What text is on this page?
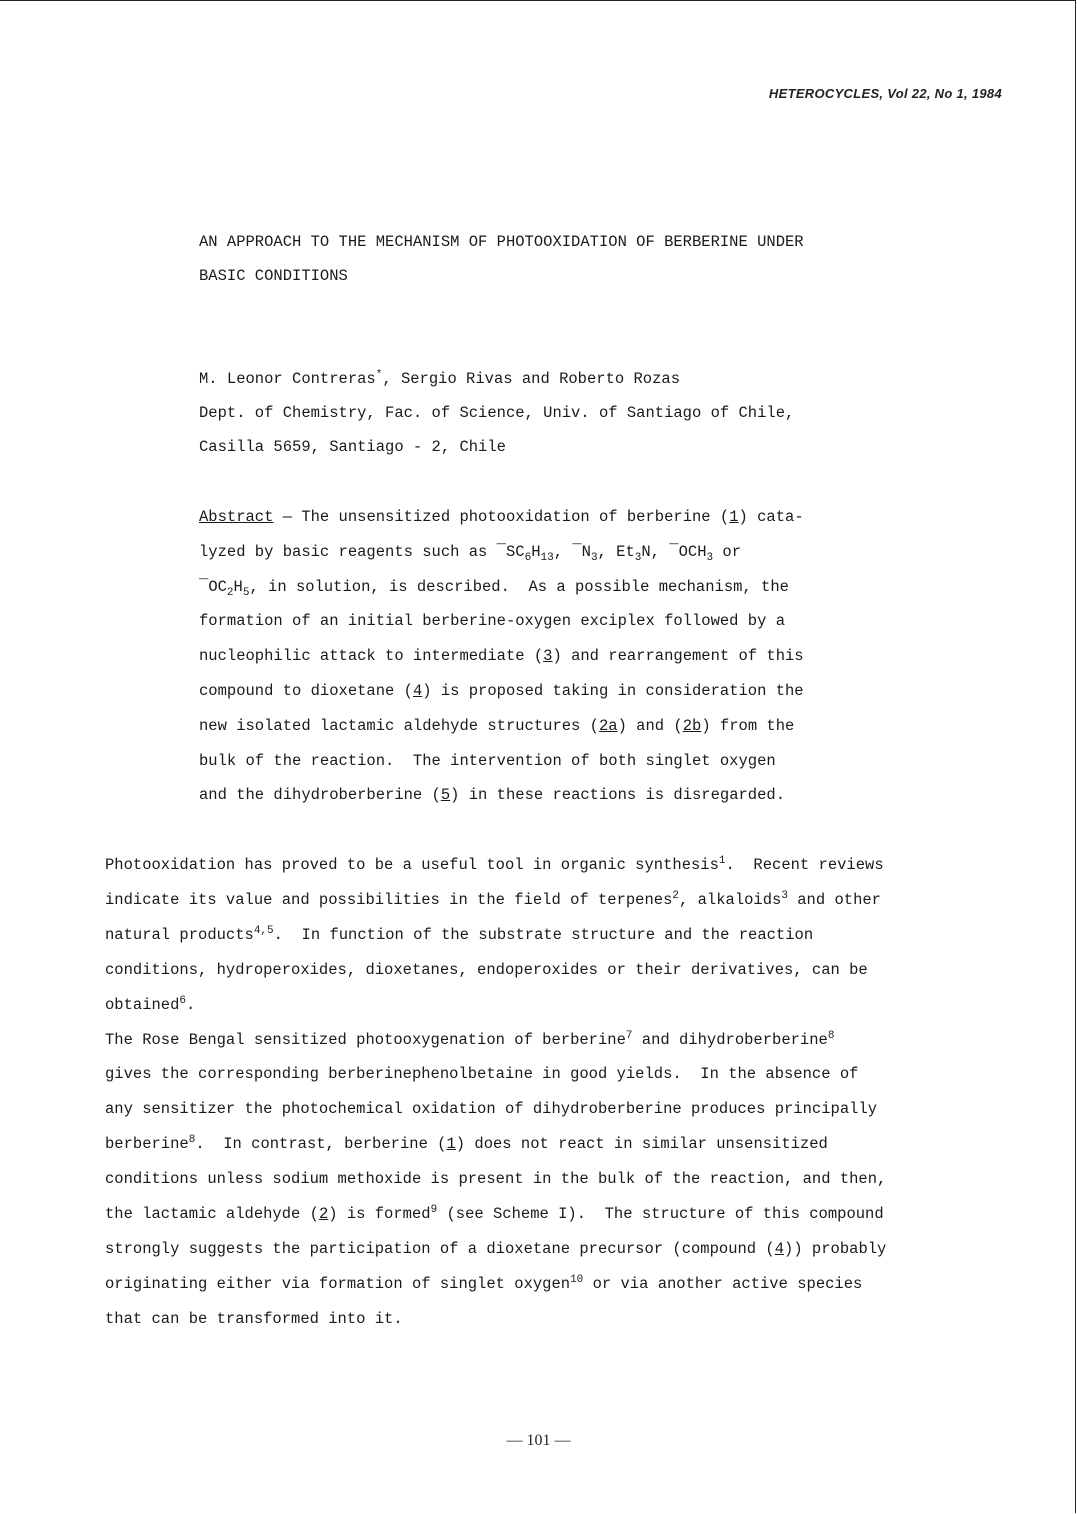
HETEROCYCLES, Vol 22, No 1, 1984
AN APPROACH TO THE MECHANISM OF PHOTOOXIDATION OF BERBERINE UNDER
BASIC CONDITIONS
M. Leonor Contreras*, Sergio Rivas and Roberto Rozas
Dept. of Chemistry, Fac. of Science, Univ. of Santiago of Chile,
Casilla 5659, Santiago - 2, Chile
Abstract — The unsensitized photooxidation of berberine (1) cata-
lyzed by basic reagents such as $¯SC_6H_{13}$, $¯N_3$, $Et_3N$, $¯OCH_3$ or
$¯OC_2H_5$, in solution, is described.  As a possible mechanism, the
formation of an initial berberine-oxygen exciplex followed by a
nucleophilic attack to intermediate (3) and rearrangement of this
compound to dioxetane (4) is proposed taking in consideration the
new isolated lactamic aldehyde structures (2a) and (2b) from the
bulk of the reaction.  The intervention of both singlet oxygen
and the dihydroberberine (5) in these reactions is disregarded.
Photooxidation has proved to be a useful tool in organic synthesis$^1$.  Recent reviews
indicate its value and possibilities in the field of terpenes$^2$, alkaloids$^3$ and other
natural products$^{4,5}$.  In function of the substrate structure and the reaction
conditions, hydroperoxides, dioxetanes, endoperoxides or their derivatives, can be
obtained$^6$.
The Rose Bengal sensitized photooxygenation of berberine$^7$ and dihydroberberine$^8$
gives the corresponding berberinephenolbetaine in good yields.  In the absence of
any sensitizer the photochemical oxidation of dihydroberberine produces principally
berberine$^8$.  In contrast, berberine (1) does not react in similar unsensitized
conditions unless sodium methoxide is present in the bulk of the reaction, and then,
the lactamic aldehyde (2) is formed$^9$ (see Scheme I).  The structure of this compound
strongly suggests the participation of a dioxetane precursor (compound (4)) probably
originating either via formation of singlet oxygen$^{10}$ or via another active species
that can be transformed into it.
— 101 —
